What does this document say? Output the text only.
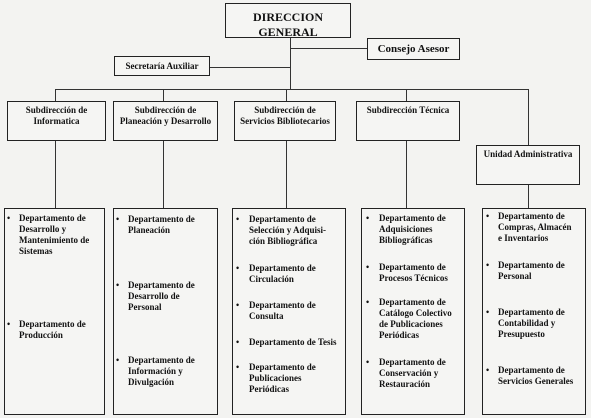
DIRECCION GENERAL
Consejo Asesor
Secretaría Auxiliar
Subdirección de
Informatica
Subdirección de
Planeación y Desarrollo
Subdirección de
Servicios Bibliotecarios
Subdirección Técnica
Unidad Administrativa
• Departamento de
Desarrollo y
Mantenimiento de
Sistemas
• Departamento de
Producción
• Departamento de
Planeación
• Departamento de
Desarrollo de
Personal
• Departamento de
Información y
Divulgación
• Departamento de
Selección y Adquisi-
ción Bibliográfica
• Departamento de
Circulación
• Departamento de
Consulta
• Departamento de Tesis
• Departamento de
Publicaciones
Periódicas
• Departamento de
Adquisiciones
Bibliográficas
• Departamento de
Procesos Técnicos
• Departamento de
Catálogo Colectivo
de Publicaciones
Periódicas
• Departamento de
Conservación y
Restauración
• Departamento de
Compras, Almacén
e Inventarios
• Departamento de
Personal
• Departamento de
Contabilidad y
Presupuesto
• Departamento de
Servicios Generales
